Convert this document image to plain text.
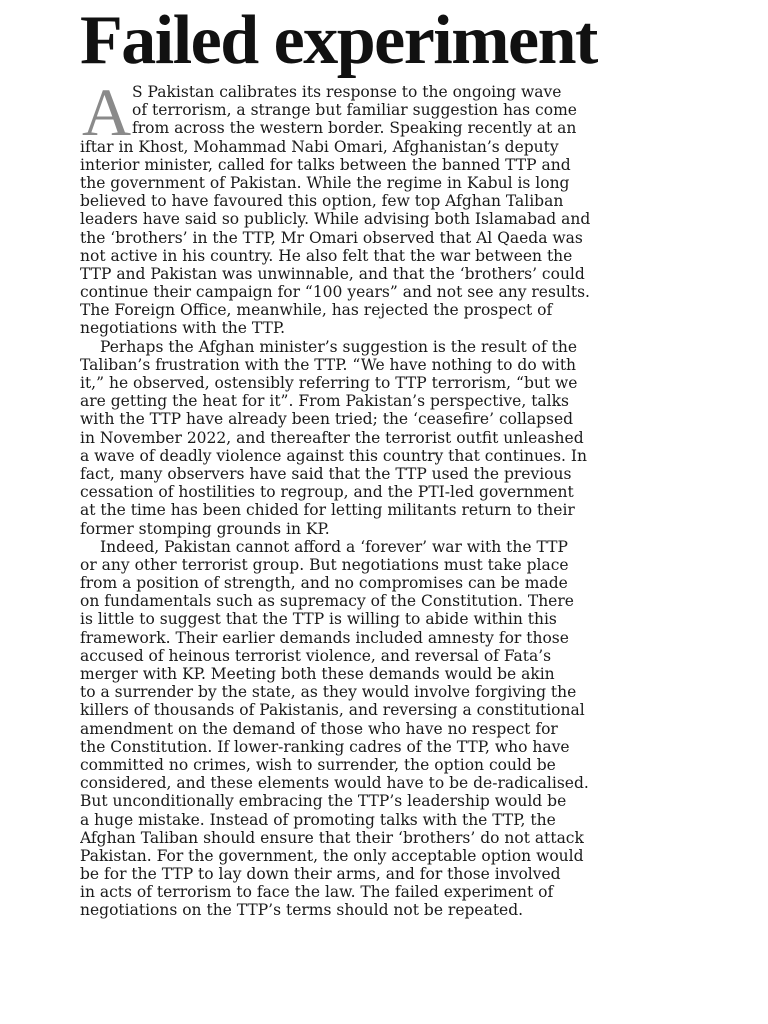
Failed experiment
A S Pakistan calibrates its response to the ongoing wave
of terrorism, a strange but familiar suggestion has come
from across the western border. Speaking recently at an
iftar in Khost, Mohammad Nabi Omari, Afghanistan’s deputy
interior minister, called for talks between the banned TTP and
the government of Pakistan. While the regime in Kabul is long
believed to have favoured this option, few top Afghan Taliban
leaders have said so publicly. While advising both Islamabad and
the ‘brothers’ in the TTP, Mr Omari observed that Al Qaeda was
not active in his country. He also felt that the war between the
TTP and Pakistan was unwinnable, and that the ‘brothers’ could
continue their campaign for “100 years” and not see any results.
The Foreign Office, meanwhile, has rejected the prospect of
negotiations with the TTP.
Perhaps the Afghan minister’s suggestion is the result of the
Taliban’s frustration with the TTP. “We have nothing to do with
it,” he observed, ostensibly referring to TTP terrorism, “but we
are getting the heat for it”. From Pakistan’s perspective, talks
with the TTP have already been tried; the ‘ceasefire’ collapsed
in November 2022, and thereafter the terrorist outfit unleashed
a wave of deadly violence against this country that continues. In
fact, many observers have said that the TTP used the previous
cessation of hostilities to regroup, and the PTI-led government
at the time has been chided for letting militants return to their
former stomping grounds in KP.
Indeed, Pakistan cannot afford a ‘forever’ war with the TTP
or any other terrorist group. But negotiations must take place
from a position of strength, and no compromises can be made
on fundamentals such as supremacy of the Constitution. There
is little to suggest that the TTP is willing to abide within this
framework. Their earlier demands included amnesty for those
accused of heinous terrorist violence, and reversal of Fata’s
merger with KP. Meeting both these demands would be akin
to a surrender by the state, as they would involve forgiving the
killers of thousands of Pakistanis, and reversing a constitutional
amendment on the demand of those who have no respect for
the Constitution. If lower-ranking cadres of the TTP, who have
committed no crimes, wish to surrender, the option could be
considered, and these elements would have to be de-radicalised.
But unconditionally embracing the TTP’s leadership would be
a huge mistake. Instead of promoting talks with the TTP, the
Afghan Taliban should ensure that their ‘brothers’ do not attack
Pakistan. For the government, the only acceptable option would
be for the TTP to lay down their arms, and for those involved
in acts of terrorism to face the law. The failed experiment of
negotiations on the TTP’s terms should not be repeated.
